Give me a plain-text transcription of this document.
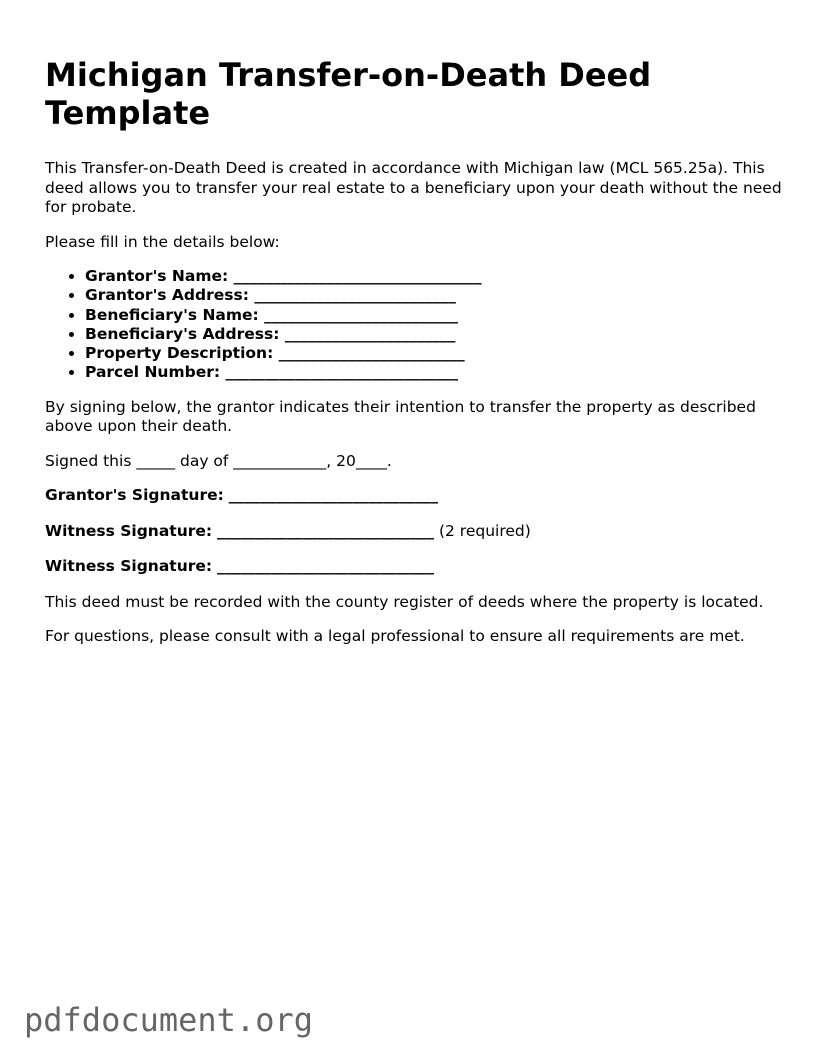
Michigan Transfer-on-Death Deed Template

This Transfer-on-Death Deed is created in accordance with Michigan law (MCL 565.25a). This deed allows you to transfer your real estate to a beneficiary upon your death without the need for probate.

Please fill in the details below:

• Grantor's Name: ________________________________
• Grantor's Address: __________________________
• Beneficiary's Name: _________________________
• Beneficiary's Address: ______________________
• Property Description: ________________________
• Parcel Number: ______________________________

By signing below, the grantor indicates their intention to transfer the property as described above upon their death.

Signed this _____ day of ____________, 20____.

Grantor's Signature: ___________________________

Witness Signature: ____________________________ (2 required)

Witness Signature: ____________________________

This deed must be recorded with the county register of deeds where the property is located.

For questions, please consult with a legal professional to ensure all requirements are met.

pdfdocument.org
